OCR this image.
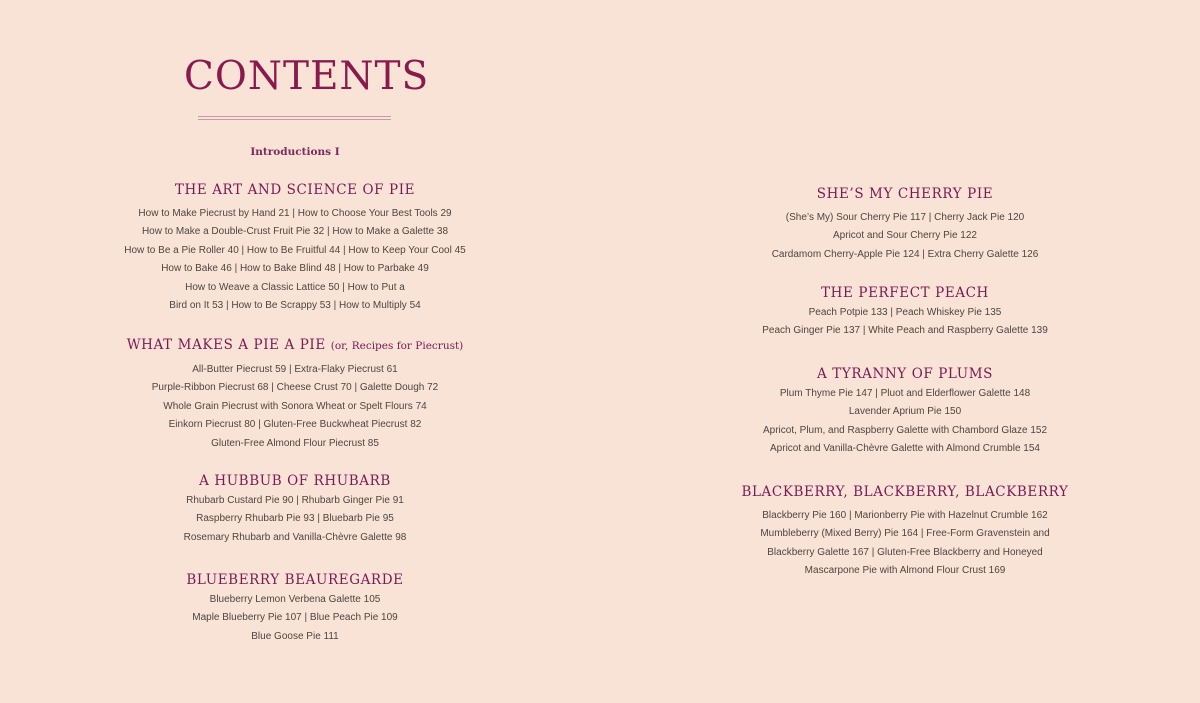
CONTENTS
Introductions I
THE ART AND SCIENCE OF PIE
How to Make Piecrust by Hand 21 | How to Choose Your Best Tools 29
How to Make a Double-Crust Fruit Pie 32 | How to Make a Galette 38
How to Be a Pie Roller 40 | How to Be Fruitful 44 | How to Keep Your Cool 45
How to Bake 46 | How to Bake Blind 48 | How to Parbake 49
How to Weave a Classic Lattice 50 | How to Put a
Bird on It 53 | How to Be Scrappy 53 | How to Multiply 54
WHAT MAKES A PIE A PIE (or, Recipes for Piecrust)
All-Butter Piecrust 59 | Extra-Flaky Piecrust 61
Purple-Ribbon Piecrust 68 | Cheese Crust 70 | Galette Dough 72
Whole Grain Piecrust with Sonora Wheat or Spelt Flours 74
Einkorn Piecrust 80 | Gluten-Free Buckwheat Piecrust 82
Gluten-Free Almond Flour Piecrust 85
A HUBBUB OF RHUBARB
Rhubarb Custard Pie 90 | Rhubarb Ginger Pie 91
Raspberry Rhubarb Pie 93 | Bluebarb Pie 95
Rosemary Rhubarb and Vanilla-Chèvre Galette 98
BLUEBERRY BEAUREGARDE
Blueberry Lemon Verbena Galette 105
Maple Blueberry Pie 107 | Blue Peach Pie 109
Blue Goose Pie 111
SHE’S MY CHERRY PIE
(She’s My) Sour Cherry Pie 117 | Cherry Jack Pie 120
Apricot and Sour Cherry Pie 122
Cardamom Cherry-Apple Pie 124 | Extra Cherry Galette 126
THE PERFECT PEACH
Peach Potpie 133 | Peach Whiskey Pie 135
Peach Ginger Pie 137 | White Peach and Raspberry Galette 139
A TYRANNY OF PLUMS
Plum Thyme Pie 147 | Pluot and Elderflower Galette 148
Lavender Aprium Pie 150
Apricot, Plum, and Raspberry Galette with Chambord Glaze 152
Apricot and Vanilla-Chèvre Galette with Almond Crumble 154
BLACKBERRY, BLACKBERRY, BLACKBERRY
Blackberry Pie 160 | Marionberry Pie with Hazelnut Crumble 162
Mumbleberry (Mixed Berry) Pie 164 | Free-Form Gravenstein and
Blackberry Galette 167 | Gluten-Free Blackberry and Honeyed
Mascarpone Pie with Almond Flour Crust 169
